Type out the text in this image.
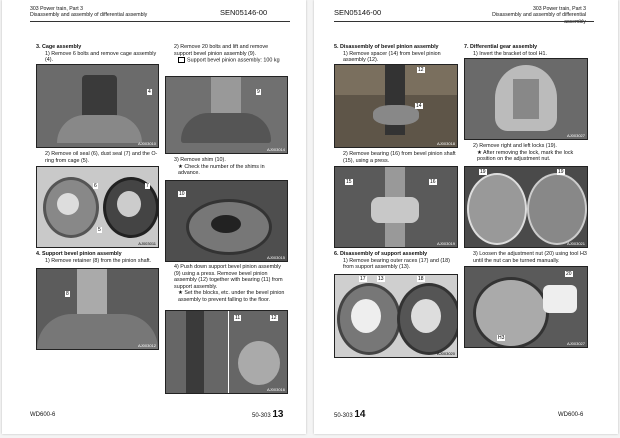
303 Power train, Part 3
Disassembly and assembly of differential assembly	SEN05146-00
3. Cage assembly
1) Remove 6 bolts and remove cage assembly (4).
4
AJ003010
2) Remove oil seal (6), dust seal (7) and the O-ring from cage (5).
6	7
5
AJ003011
4. Support bevel pinion assembly
1) Remove retainer (8) from the pinion shaft.
8
AJ003012
2) Remove 20 bolts and lift and remove support bevel pinion assembly (9).
Support bevel pinion assembly: 100 kg
9
AJ003014
3) Remove shim (10).
★ Check the number of the shims in advance.
10
AJ003015
4) Push down support bevel pinion assembly (9) using a press. Remove bevel pinion assembly (12) together with bearing (11) from support assembly.
★ Set the blocks, etc. under the bevel pinion assembly to prevent falling to the floor.
11	12
AJ003016
WD600-6	50-303 13
SEN05146-00	303 Power train, Part 3
Disassembly and assembly of differential assembly
5. Disassembly of bevel pinion assembly
1) Remove spacer (14) from bevel pinion assembly (12).
12
14
AJ003018
2) Remove bearing (16) from bevel pinion shaft (15), using a press.
15	16
AJ003019
6. Disassembly of support assembly
1) Remove bearing outer races (17) and (18) from support assembly (13).
17 13	18
AJ003020
7. Differential gear assembly
1) Invert the bracket of tool H1.
AJ003027
2) Remove right and left locks (19).
★ After removing the lock, mark the lock position on the adjustment nut.
19	19
AJ003021
3) Loosen the adjustment nut (20) using tool H3 until the nut can be turned manually.
20
H3
AJ003027
50-303 14	WD600-6
